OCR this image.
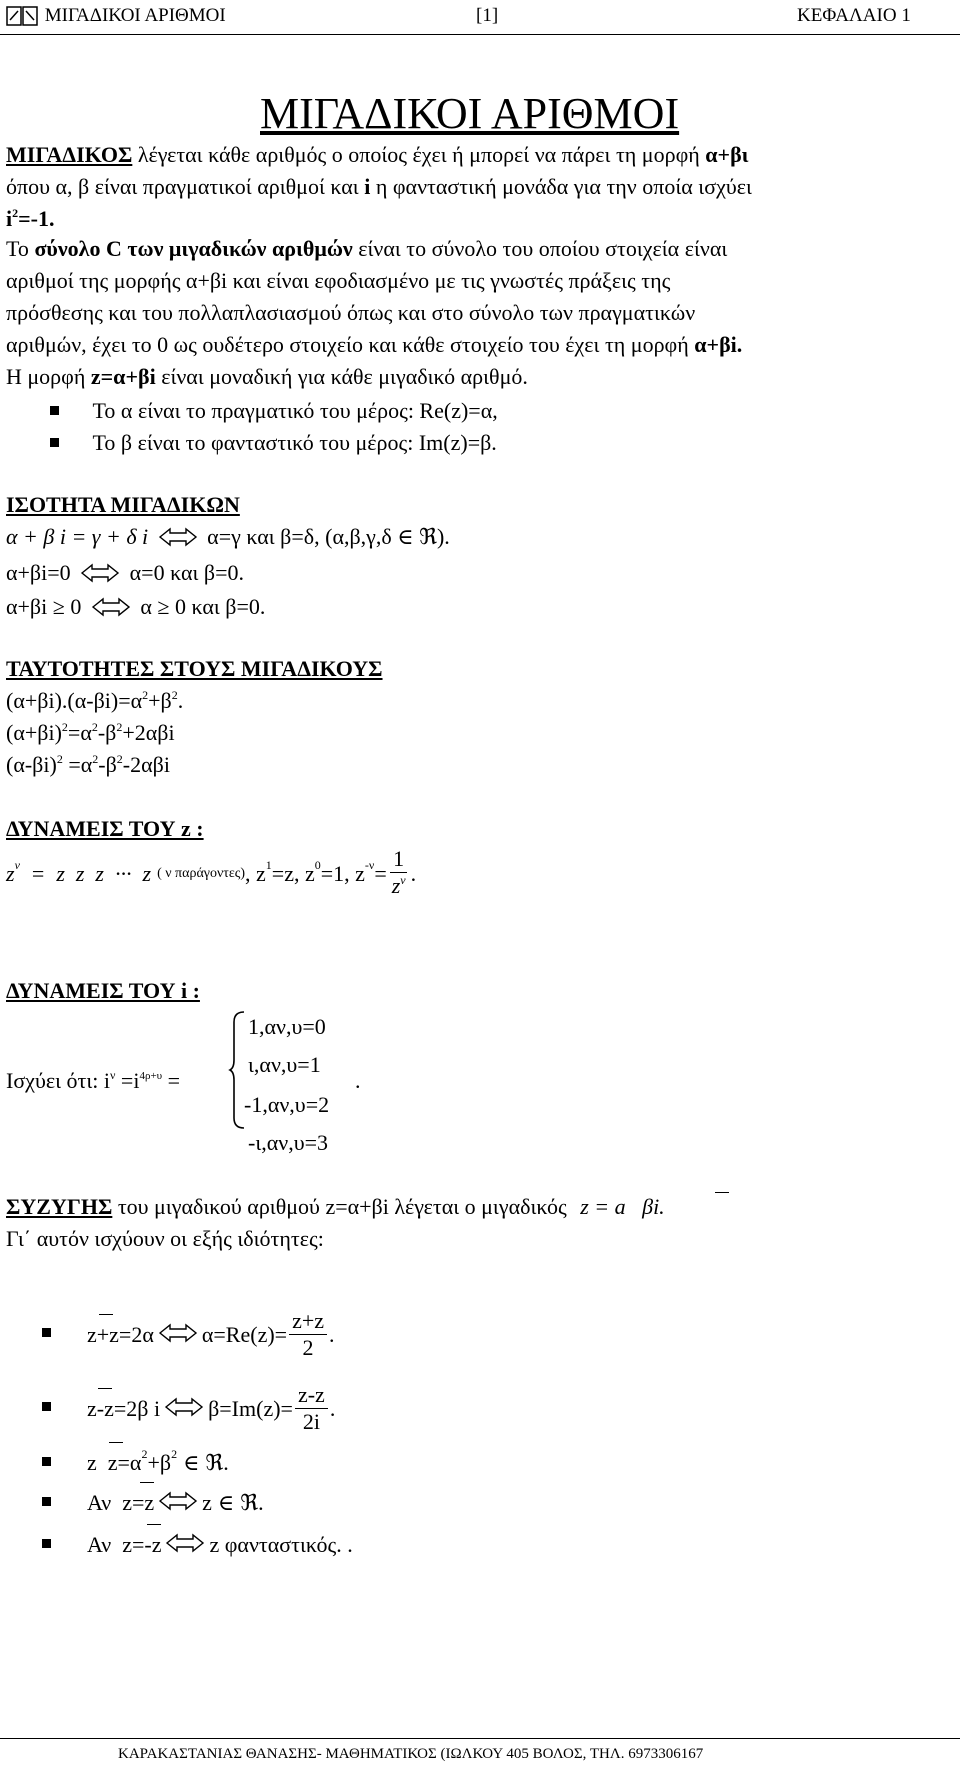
ΜΙΓΑΔΙΚΟΙ ΑΡΙΘΜΟΙ	[1]	ΚΕΦΑΛΑΙΟ 1
ΜΙΓΑΔΙΚΟΙ ΑΡΙΘΜΟΙ
ΜΙΓΑΔΙΚΟΣ λέγεται κάθε αριθμός ο οποίος έχει ή μπορεί να πάρει τη μορφή α+βι
όπου α, β είναι πραγματικοί αριθμοί και i η φανταστική μονάδα για την οποία ισχύει
$i^2=-1$.
Το σύνολο C των μιγαδικών αριθμών είναι το σύνολο του οποίου στοιχεία είναι
αριθμοί της μορφής α+βi και είναι εφοδιασμένο με τις γνωστές πράξεις της
πρόσθεσης και του πολλαπλασιασμού όπως και στο σύνολο των πραγματικών
αριθμών, έχει το 0 ως ουδέτερο στοιχείο και κάθε στοιχείο του έχει τη μορφή α+βi.
Η μορφή z=α+βi είναι μοναδική για κάθε μιγαδικό αριθμό.
Το α είναι το πραγματικό του μέρος: Re(z)=α,
Το β είναι το φανταστικό του μέρος: Im(z)=β.
ΙΣΟΤΗΤΑ ΜΙΓΑΔΙΚΩΝ
α + β i = γ + δ i	α=γ και β=δ, (α,β,γ,δ ∈ ℜ).
α+βi=0	α=0 και β=0.
α+βi ≥ 0	α ≥ 0 και β=0.
ΤΑΥΤΟΤΗΤΕΣ ΣΤΟΥΣ ΜΙΓΑΔΙΚΟΥΣ
$(\alpha+\beta i).(\alpha-\beta i)=\alpha^2+\beta^2$.
$(\alpha+\beta i)^2=\alpha^2-\beta^2+2\alpha\beta i$
$(\alpha-\beta i)^2 =\alpha^2-\beta^2-2\alpha\beta i$
ΔΥΝΑΜΕΙΣ ΤΟΥ z :
$z^\nu = z$  z  z  ···  z ( ν παράγοντες) , $z^1 =z$, $z^0 =1$, $z^{-\nu} = \frac{1}{z^\nu}$ .
ΔΥΝΑΜΕΙΣ ΤΟΥ i :
Ισχύει ότι: $i^\nu =i^{4\rho+\upsilon}$ =
1,αν,υ=0
ι,αν,υ=1
-1,αν,υ=2
.
-ι,αν,υ=3
ΣΥΖΥΓΗΣ του μιγαδικού αριθμού z=α+βi λέγεται ο μιγαδικός z = a   βi.
Γι΄ αυτόν ισχύουν οι εξής ιδιότητες:
z+z=2α $\alpha=Re(z)= \frac{z+z}{2}$ .
z-z=2β i $\beta=Im(z)= \frac{z-z}{2i}$ .
z  $z=\alpha^2 +\beta^2$ ∈ ℜ.
Αν  z=z z ∈ ℜ.
Αν  z=-z z φανταστικός. .
ΚΑΡΑΚΑΣΤΑΝΙΑΣ ΘΑΝΑΣΗΣ- ΜΑΘΗΜΑΤΙΚΟΣ (ΙΩΛΚΟΥ 405 ΒΟΛΟΣ, ΤΗΛ. 6973306167
